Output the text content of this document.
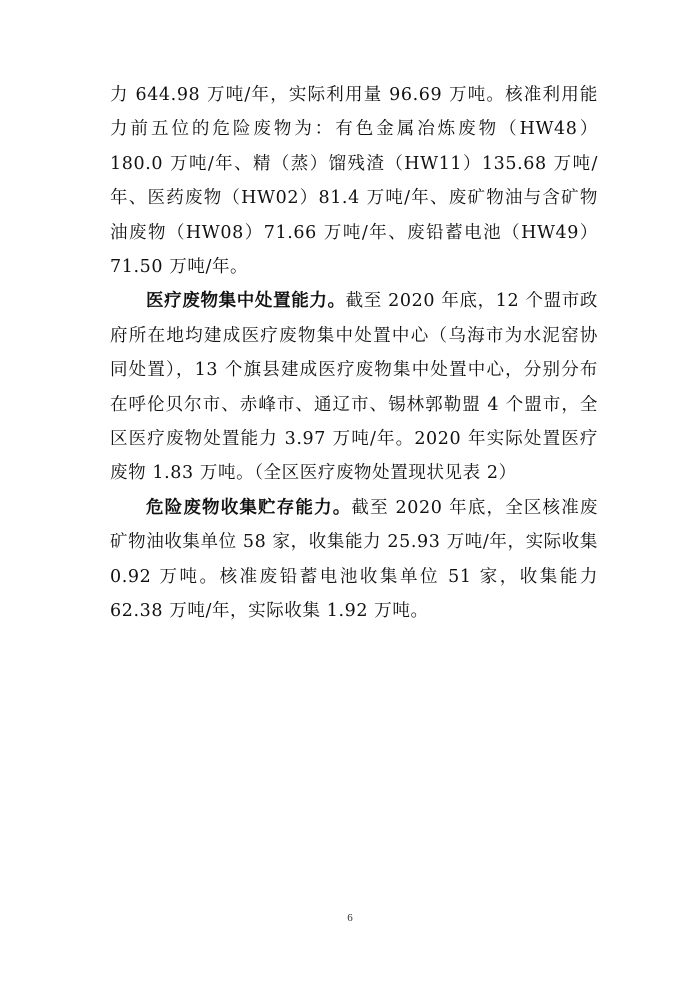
力 644.98 万吨/年，实际利用量 96.69 万吨。核准利用能力前五位的危险废物为：有色金属冶炼废物（HW48）180.0 万吨/年、精（蒸）馏残渣（HW11）135.68 万吨/年、医药废物（HW02）81.4 万吨/年、废矿物油与含矿物油废物（HW08）71.66 万吨/年、废铅蓄电池（HW49）71.50 万吨/年。

医疗废物集中处置能力。截至 2020 年底，12 个盟市政府所在地均建成医疗废物集中处置中心（乌海市为水泥窑协同处置），13 个旗县建成医疗废物集中处置中心，分别分布在呼伦贝尔市、赤峰市、通辽市、锡林郭勒盟 4 个盟市，全区医疗废物处置能力 3.97 万吨/年。2020 年实际处置医疗废物 1.83 万吨。（全区医疗废物处置现状见表 2）

危险废物收集贮存能力。截至 2020 年底，全区核准废矿物油收集单位 58 家，收集能力 25.93 万吨/年，实际收集 0.92 万吨。核准废铅蓄电池收集单位 51 家，收集能力 62.38 万吨/年，实际收集 1.92 万吨。

6
